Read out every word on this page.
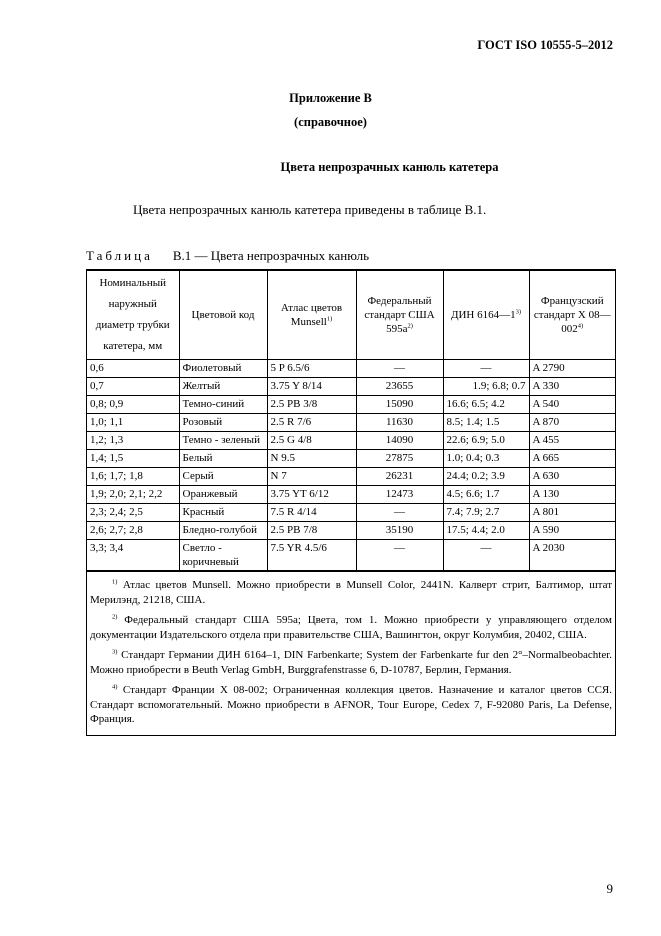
ГОСТ ISO 10555-5–2012
Приложение В
(справочное)
Цвета непрозрачных канюль катетера
Цвета непрозрачных канюль катетера приведены в таблице В.1.
Таблица В.1 — Цвета непрозрачных канюль
Номинальный
наружный
диаметр трубки
катетера, мм	Цветовой код	Атлас цветов Munsell$^{1)}$	Федеральный стандарт США $595а^{2)}$	ДИН 6164—1$^{3)}$	Французский стандарт X 08—002$^{4)}$
0,6	Фиолетовый	5 P 6.5/6	—	—	A 2790
0,7	Желтый	3.75 Y 8/14	23655	1.9; 6.8; 0.7	A 330
0,8; 0,9	Темно-синий	2.5 PB 3/8	15090	16.6; 6.5; 4.2	A 540
1,0; 1,1	Розовый	2.5 R 7/6	11630	8.5; 1.4; 1.5	A 870
1,2; 1,3	Темно - зеленый	2.5 G 4/8	14090	22.6; 6.9; 5.0	A 455
1,4; 1,5	Белый	N 9.5	27875	1.0; 0.4; 0.3	A 665
1,6; 1,7; 1,8	Серый	N 7	26231	24.4; 0.2; 3.9	A 630
1,9; 2,0; 2,1; 2,2	Оранжевый	3.75 YT 6/12	12473	4.5; 6.6; 1.7	A 130
2,3; 2,4; 2,5	Красный	7.5 R 4/14	—	7.4; 7.9; 2.7	A 801
2,6; 2,7; 2,8	Бледно-голубой	2.5 PB 7/8	35190	17.5; 4.4; 2.0	A 590
3,3; 3,4	Светло - коричневый	7.5 YR 4.5/6	—	—	A 2030
$^{1)}$ Атлас цветов Munsell. Можно приобрести в Munsell Color, 2441N. Калверт стрит, Балтимор, штат Мерилэнд, 21218, США.
$^{2)}$ Федеральный стандарт США 595а; Цвета, том 1. Можно приобрести у управляющего отделом документации Издательского отдела при правительстве США, Вашингтон, округ Колумбия, 20402, США.
$^{3)}$ Стандарт Германии ДИН 6164–1, DIN Farbenkarte; System der Farbenkarte fur den 2°–Normalbeobachter. Можно приобрести в Beuth Verlag GmbH, Burggrafenstrasse 6, D-10787, Берлин, Германия.
$^{4)}$ Стандарт Франции X 08-002; Ограниченная коллекция цветов. Назначение и каталог цветов ССЯ. Стандарт вспомогательный. Можно приобрести в AFNOR, Tour Europe, Cedex 7, F-92080 Paris, La Defense, Франция.
9
